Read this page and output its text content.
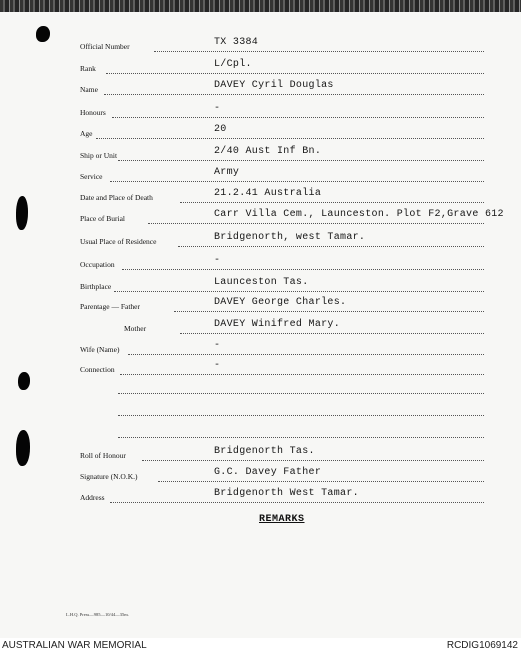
Official Number	TX 3384
Rank	L/Cpl.
Name	DAVEY Cyril Douglas
Honours	-
Age	20
Ship or Unit	2/40 Aust Inf Bn.
Service	Army
Date and Place of Death	21.2.41 Australia
Place of Burial	Carr Villa Cem., Launceston. Plot F2,Grave 612
Usual Place of Residence	Bridgenorth, west Tamar.
Occupation	-
Birthplace	Launceston Tas.
Parentage — Father	DAVEY George Charles.
Mother	DAVEY Winifred Mary.
Wife (Name)	-
Connection	-
Roll of Honour	Bridgenorth Tas.
Signature (N.O.K.)	G.C. Davey Father
Address	Bridgenorth West Tamar.
REMARKS
L.H.Q. Press—985—10/44—35m.
AUSTRALIAN WAR MEMORIAL	RCDIG1069142
